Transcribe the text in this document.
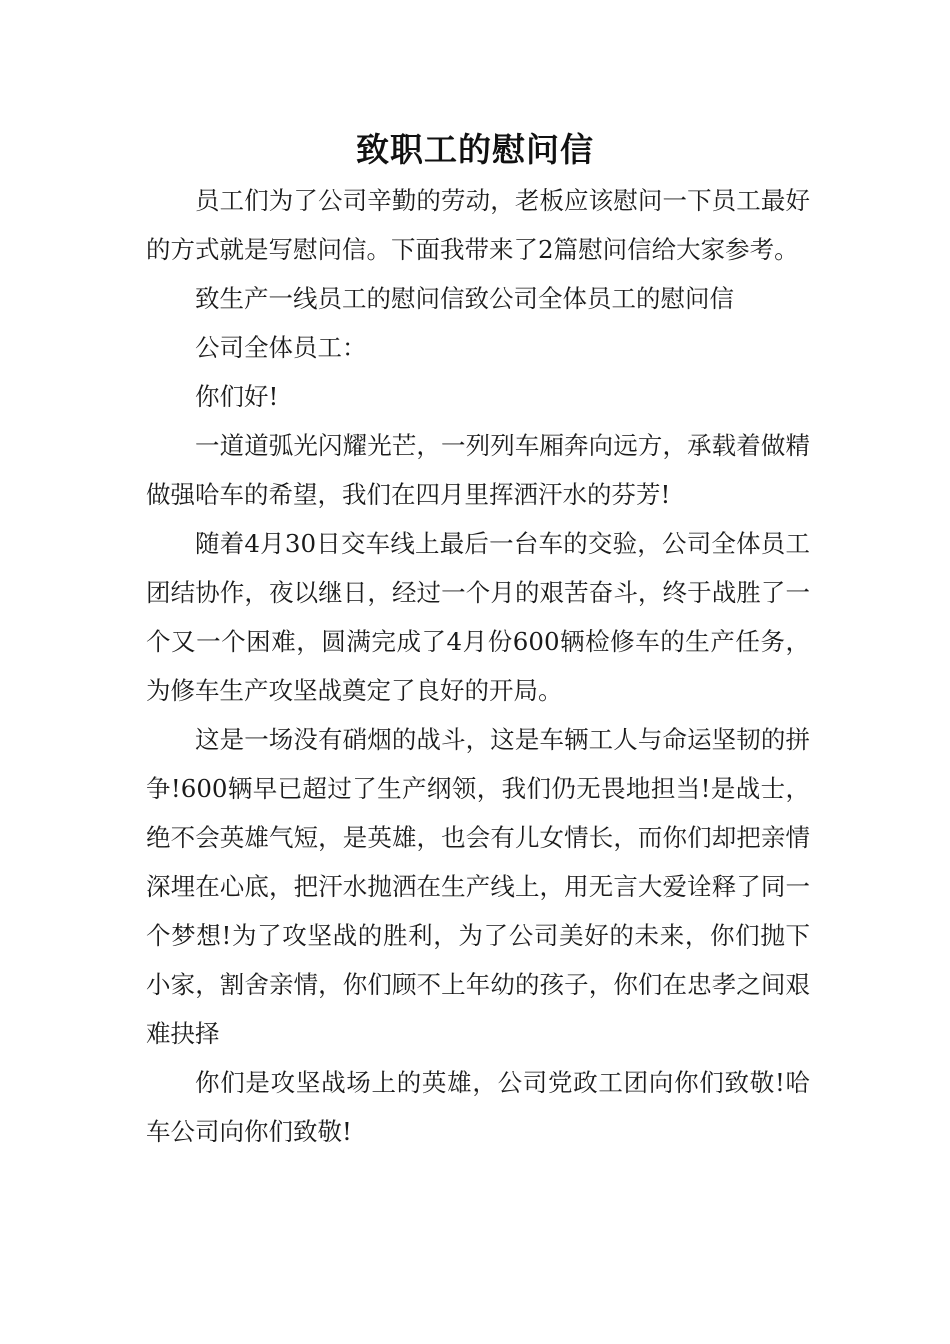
致职工的慰问信

员工们为了公司辛勤的劳动，老板应该慰问一下员工最好的方式就是写慰问信。下面我带来了2篇慰问信给大家参考。

致生产一线员工的慰问信致公司全体员工的慰问信

公司全体员工：

你们好!

一道道弧光闪耀光芒，一列列车厢奔向远方，承载着做精做强哈车的希望，我们在四月里挥洒汗水的芬芳!

随着4月30日交车线上最后一台车的交验，公司全体员工团结协作，夜以继日，经过一个月的艰苦奋斗，终于战胜了一个又一个困难，圆满完成了4月份600辆检修车的生产任务，为修车生产攻坚战奠定了良好的开局。

这是一场没有硝烟的战斗，这是车辆工人与命运坚韧的拼争!600辆早已超过了生产纲领，我们仍无畏地担当!是战士， 绝不会英雄气短，是英雄，也会有儿女情长，而你们却把亲情深埋在心底，把汗水抛洒在生产线上，用无言大爱诠释了同一个梦想!为了攻坚战的胜利，为了公司美好的未来，你们抛下小家，割舍亲情，你们顾不上年幼的孩子，你们在忠孝之间艰难抉择

你们是攻坚战场上的英雄，公司党政工团向你们致敬!哈车公司向你们致敬!
